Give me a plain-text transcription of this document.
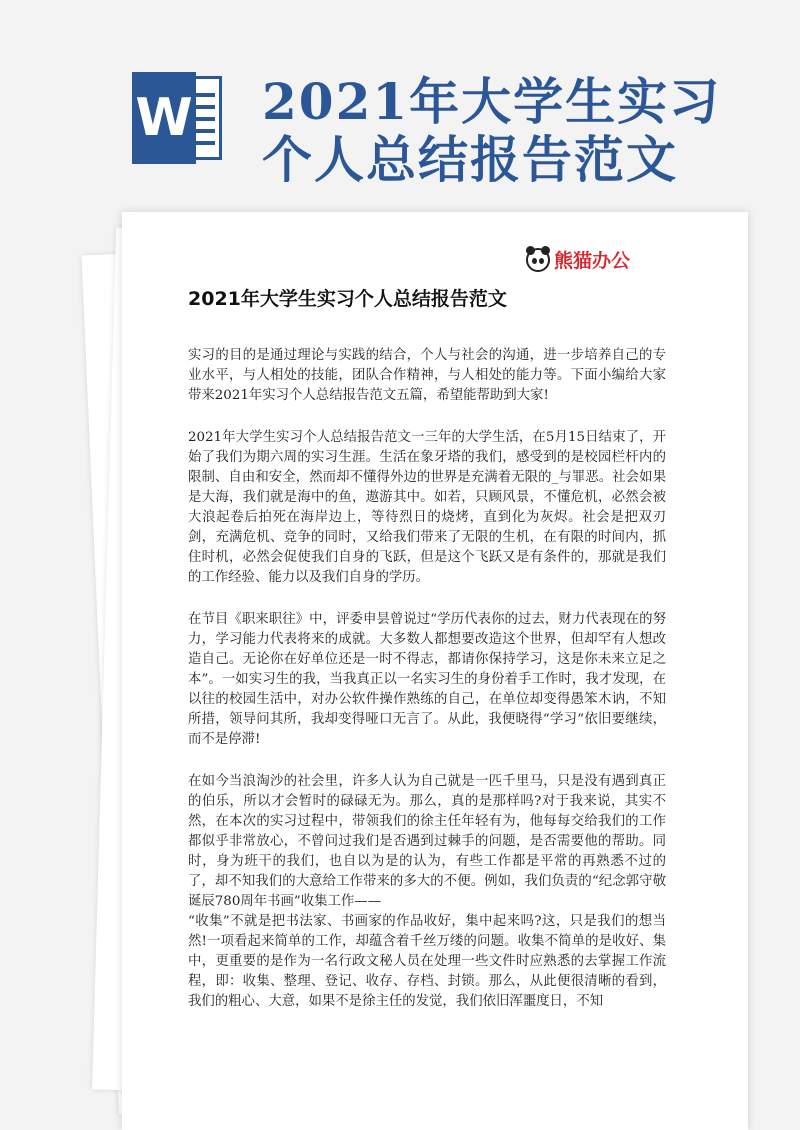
W 2021年大学生实习
个人总结报告范文
熊猫办公
2021年大学生实习个人总结报告范文

实习的目的是通过理论与实践的结合，个人与社会的沟通，进一步培养自己的专业水平，与人相处的技能，团队合作精神，与人相处的能力等。下面小编给大家带来2021年实习个人总结报告范文五篇，希望能帮助到大家!

2021年大学生实习个人总结报告范文一三年的大学生活，在5月15日结束了，开始了我们为期六周的实习生涯。生活在象牙塔的我们，感受到的是校园栏杆内的限制、自由和安全，然而却不懂得外边的世界是充满着无限的_与罪恶。社会如果是大海，我们就是海中的鱼，遨游其中。如若，只顾风景，不懂危机，必然会被大浪起卷后拍死在海岸边上，等待烈日的烧烤，直到化为灰烬。社会是把双刃剑，充满危机、竞争的同时，又给我们带来了无限的生机，在有限的时间内，抓住时机，必然会促使我们自身的飞跃，但是这个飞跃又是有条件的，那就是我们的工作经验、能力以及我们自身的学历。

在节目《职来职往》中，评委申昙曾说过“学历代表你的过去，财力代表现在的努力，学习能力代表将来的成就。大多数人都想要改造这个世界，但却罕有人想改造自己。无论你在好单位还是一时不得志，都请你保持学习，这是你未来立足之本”。一如实习生的我，当我真正以一名实习生的身份着手工作时，我才发现，在以往的校园生活中，对办公软件操作熟练的自己，在单位却变得愚笨木讷，不知所措，领导问其所，我却变得哑口无言了。从此，我便晓得“学习”依旧要继续，而不是停滞!

在如今当浪淘沙的社会里，许多人认为自己就是一匹千里马，只是没有遇到真正的伯乐，所以才会暂时的碌碌无为。那么，真的是那样吗?对于我来说，其实不然，在本次的实习过程中，带领我们的徐主任年轻有为，他每每交给我们的工作都似乎非常放心，不曾问过我们是否遇到过棘手的问题，是否需要他的帮助。同时，身为班干的我们，也自以为是的认为，有些工作都是平常的再熟悉不过的了，却不知我们的大意给工作带来的多大的不便。例如，我们负责的“纪念郭守敬诞辰780周年书画”收集工作——

“收集”不就是把书法家、书画家的作品收好，集中起来吗?这，只是我们的想当然!一项看起来简单的工作，却蕴含着千丝万缕的问题。收集不简单的是收好、集中，更重要的是作为一名行政文秘人员在处理一些文件时应熟悉的去掌握工作流程，即：收集、整理、登记、收存、存档、封锁。那么，从此便很清晰的看到，我们的粗心、大意，如果不是徐主任的发觉，我们依旧浑噩度日，不知
